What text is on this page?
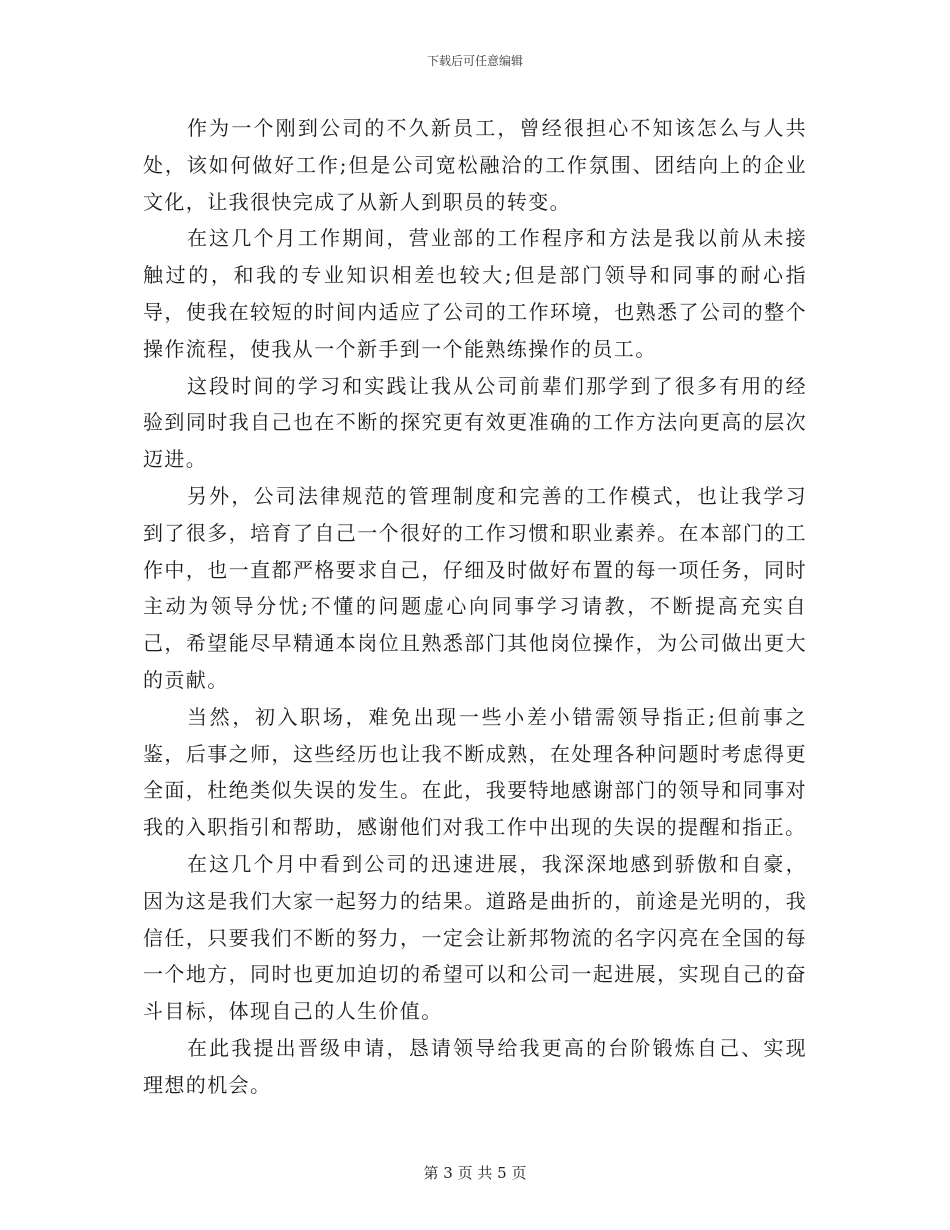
下载后可任意编辑

作为一个刚到公司的不久新员工，曾经很担心不知该怎么与人共处，该如何做好工作;但是公司宽松融洽的工作氛围、团结向上的企业文化，让我很快完成了从新人到职员的转变。

在这几个月工作期间，营业部的工作程序和方法是我以前从未接触过的，和我的专业知识相差也较大;但是部门领导和同事的耐心指导，使我在较短的时间内适应了公司的工作环境，也熟悉了公司的整个操作流程，使我从一个新手到一个能熟练操作的员工。

这段时间的学习和实践让我从公司前辈们那学到了很多有用的经验到同时我自己也在不断的探究更有效更准确的工作方法向更高的层次迈进。

另外，公司法律规范的管理制度和完善的工作模式，也让我学习到了很多，培育了自己一个很好的工作习惯和职业素养。在本部门的工作中，也一直都严格要求自己，仔细及时做好布置的每一项任务，同时主动为领导分忧;不懂的问题虚心向同事学习请教，不断提高充实自己，希望能尽早精通本岗位且熟悉部门其他岗位操作，为公司做出更大的贡献。

当然，初入职场，难免出现一些小差小错需领导指正;但前事之鉴，后事之师，这些经历也让我不断成熟，在处理各种问题时考虑得更全面，杜绝类似失误的发生。在此，我要特地感谢部门的领导和同事对我的入职指引和帮助，感谢他们对我工作中出现的失误的提醒和指正。

在这几个月中看到公司的迅速进展，我深深地感到骄傲和自豪，因为这是我们大家一起努力的结果。道路是曲折的，前途是光明的，我信任，只要我们不断的努力，一定会让新邦物流的名字闪亮在全国的每一个地方，同时也更加迫切的希望可以和公司一起进展，实现自己的奋斗目标，体现自己的人生价值。

在此我提出晋级申请，恳请领导给我更高的台阶锻炼自己、实现理想的机会。

第 3 页 共 5 页
